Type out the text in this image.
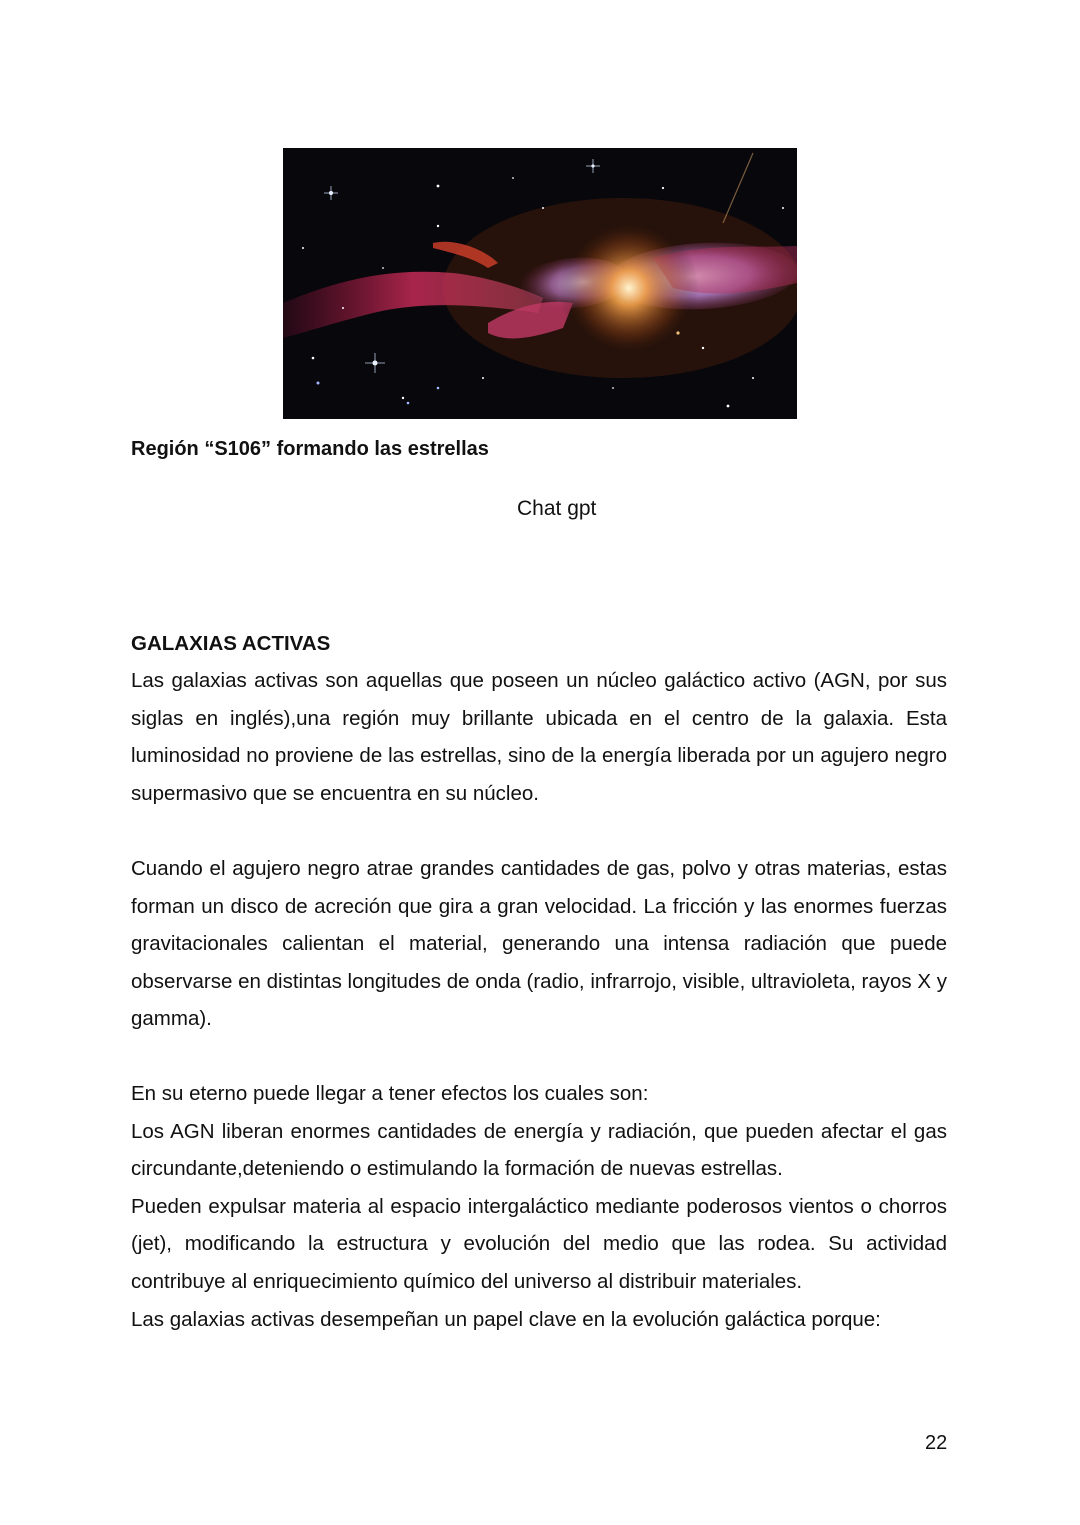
Región “S106” formando las estrellas
Chat gpt
GALAXIAS ACTIVAS

Las galaxias activas son aquellas que poseen un núcleo galáctico activo (AGN, por sus siglas en inglés),una región muy brillante ubicada en el centro de la galaxia. Esta luminosidad no proviene de las estrellas, sino de la energía liberada por un agujero negro supermasivo que se encuentra en su núcleo.

Cuando el agujero negro atrae grandes cantidades de gas, polvo y otras materias, estas forman un disco de acreción que gira a gran velocidad. La fricción y las enormes fuerzas gravitacionales calientan el material, generando una intensa radiación que puede observarse en distintas longitudes de onda (radio, infrarrojo, visible, ultravioleta, rayos X y gamma).

En su eterno puede llegar a tener efectos los cuales son:
Los AGN liberan enormes cantidades de energía y radiación, que pueden afectar el gas circundante,deteniendo o estimulando la formación de nuevas estrellas.
Pueden expulsar materia al espacio intergaláctico mediante poderosos vientos o chorros (jet), modificando la estructura y evolución del medio que las rodea. Su actividad contribuye al enriquecimiento químico del universo al distribuir materiales.
Las galaxias activas desempeñan un papel clave en la evolución galáctica porque:
22
